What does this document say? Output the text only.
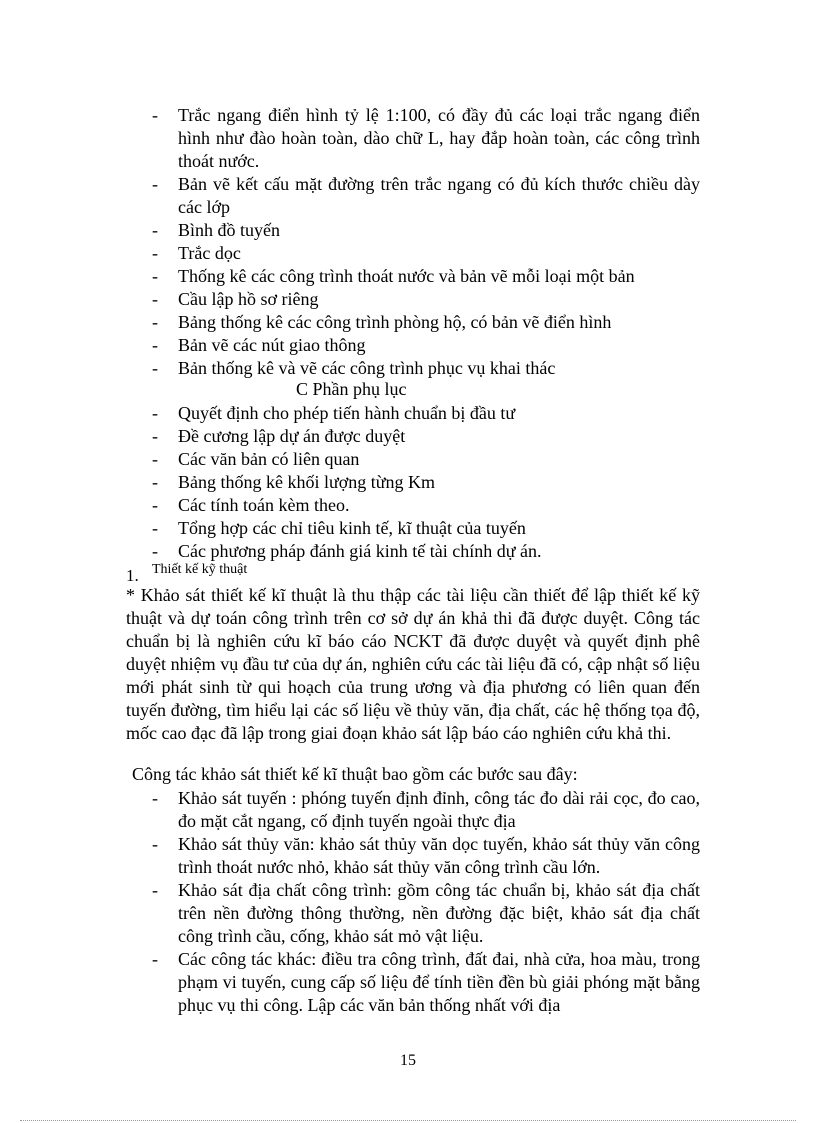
- Trắc ngang điển hình tỷ lệ 1:100, có đầy đủ các loại trắc ngang điển hình như đào hoàn toàn, dào chữ L, hay đắp hoàn toàn, các công trình thoát nước.
- Bản vẽ kết cấu mặt đường trên trắc ngang có đủ kích thước chiều dày các lớp
- Bình đồ tuyến
- Trắc dọc
- Thống kê các công trình thoát nước và bản vẽ mỗi loại một bản
- Cầu lập hồ sơ riêng
- Bảng thống kê các công trình phòng hộ, có bản vẽ điển hình
- Bản vẽ các nút giao thông
- Bản thống kê và vẽ các công trình phục vụ khai thác
C Phần phụ lục
- Quyết định cho phép tiến hành chuẩn bị đầu tư
- Đề cương lập dự án được duyệt
- Các văn bản có liên quan
- Bảng thống kê khối lượng từng Km
- Các tính toán kèm theo.
- Tổng hợp các chỉ tiêu kinh tế, kĩ thuật của tuyến
- Các phương pháp đánh giá kinh tế tài chính dự án.
1. Thiết kế kỹ thuật

* Khảo sát thiết kế kĩ thuật là thu thập các tài liệu cần thiết để lập thiết kế kỹ thuật và dự toán công trình trên cơ sở dự án khả thi đã được duyệt. Công tác chuẩn bị là nghiên cứu kĩ báo cáo NCKT đã được duyệt và quyết định phê duyệt nhiệm vụ đầu tư của dự án, nghiên cứu các tài liệu đã có, cập nhật số liệu mới phát sinh từ qui hoạch của trung ương và địa phương có liên quan đến tuyến đường, tìm hiểu lại các số liệu về thủy văn, địa chất, các hệ thống tọa độ, mốc cao đạc đã lập trong giai đoạn khảo sát lập báo cáo nghiên cứu khả thi.

Công tác khảo sát thiết kế kĩ thuật bao gồm các bước sau đây:
- Khảo sát tuyến : phóng tuyến định đỉnh, công tác đo dài rải cọc, đo cao, đo mặt cắt ngang, cố định tuyến ngoài thực địa
- Khảo sát thủy văn: khảo sát thủy văn dọc tuyến, khảo sát thủy văn công trình thoát nước nhỏ, khảo sát thủy văn công trình cầu lớn.
- Khảo sát địa chất công trình: gồm công tác chuẩn bị, khảo sát địa chất trên nền đường thông thường, nền đường đặc biệt, khảo sát địa chất công trình cầu, cống, khảo sát mỏ vật liệu.
- Các công tác khác: điều tra công trình, đất đai, nhà cửa, hoa màu, trong phạm vi tuyến, cung cấp số liệu để tính tiền đền bù giải phóng mặt bằng phục vụ thi công. Lập các văn bản thống nhất với địa
15
